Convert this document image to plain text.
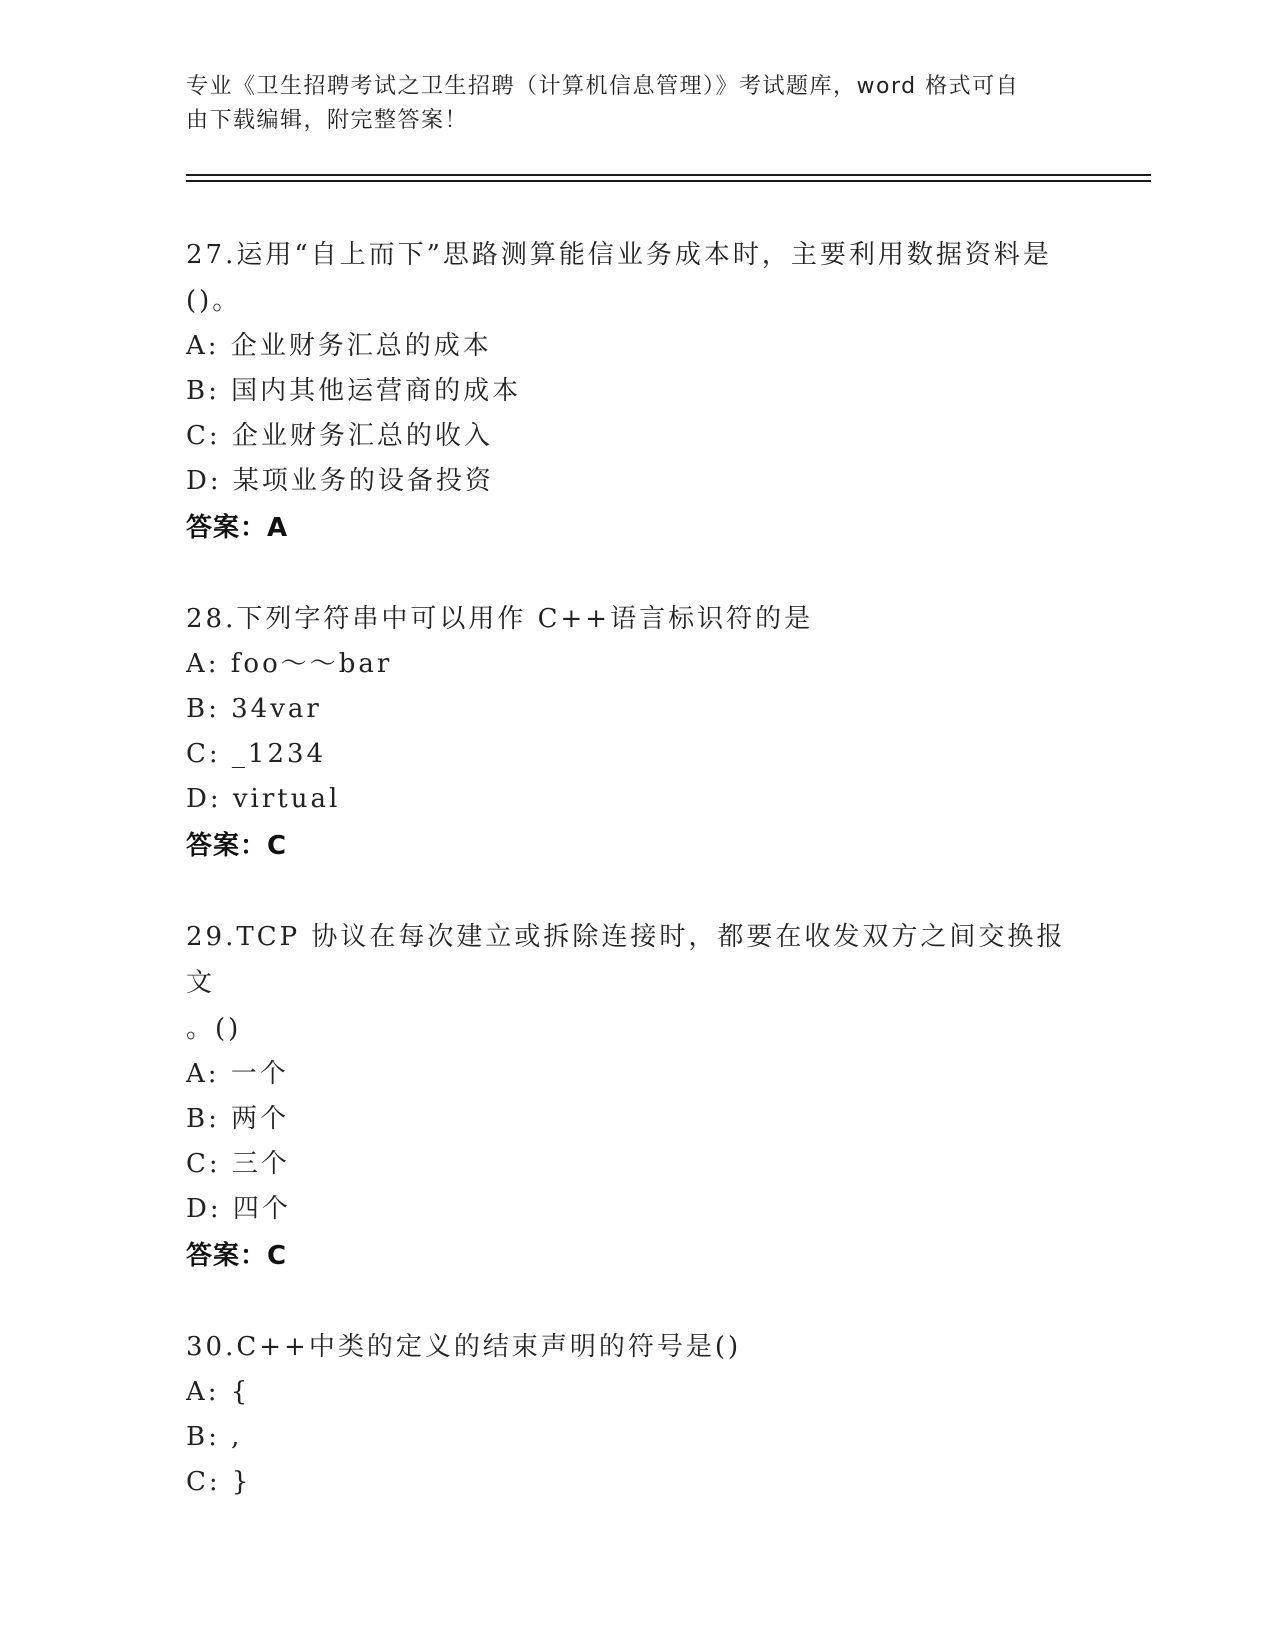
专业《卫生招聘考试之卫生招聘（计算机信息管理）》考试题库，word 格式可自
由下载编辑，附完整答案！
27.运用“自上而下”思路测算能信业务成本时，主要利用数据资料是
()。
A: 企业财务汇总的成本
B: 国内其他运营商的成本
C: 企业财务汇总的收入
D: 某项业务的设备投资
答案：A
28.下列字符串中可以用作 C++语言标识符的是
A: foo～～bar
B: 34var
C: _1234
D: virtual
答案：C
29.TCP 协议在每次建立或拆除连接时，都要在收发双方之间交换报文
。()
A: 一个
B: 两个
C: 三个
D: 四个
答案：C
30.C++中类的定义的结束声明的符号是()
A: {
B: ,
C: }
